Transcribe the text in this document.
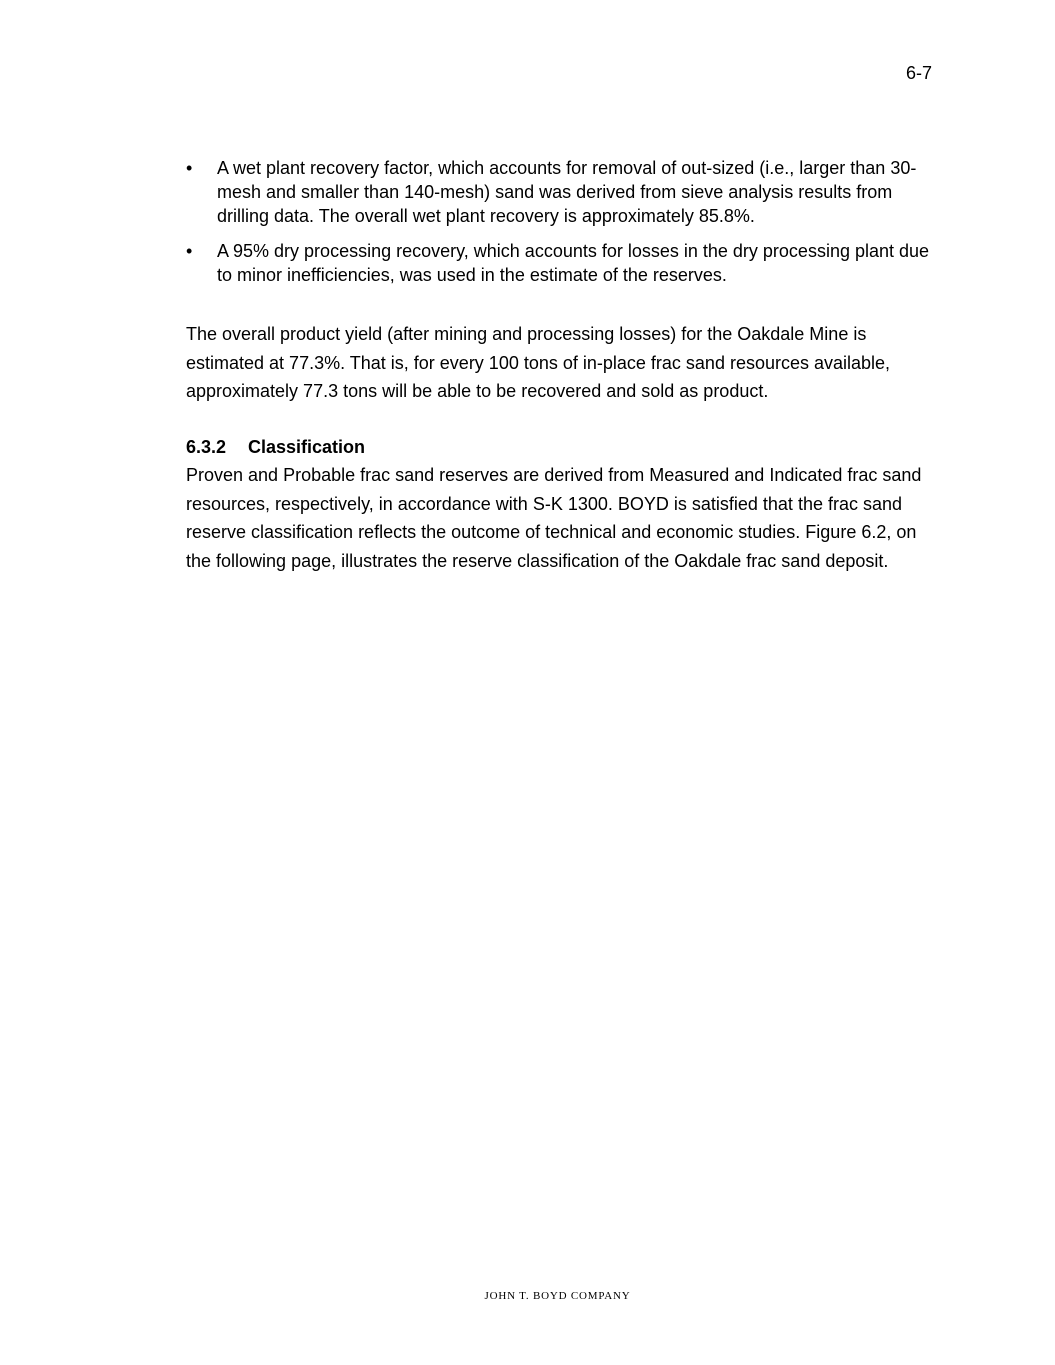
6-7
•	A wet plant recovery factor, which accounts for removal of out-sized (i.e., larger than 30-mesh and smaller than 140-mesh) sand was derived from sieve analysis results from drilling data. The overall wet plant recovery is approximately 85.8%.
•	A 95% dry processing recovery, which accounts for losses in the dry processing plant due to minor inefficiencies, was used in the estimate of the reserves.

The overall product yield (after mining and processing losses) for the Oakdale Mine is estimated at 77.3%. That is, for every 100 tons of in-place frac sand resources available, approximately 77.3 tons will be able to be recovered and sold as product.

6.3.2 Classification

Proven and Probable frac sand reserves are derived from Measured and Indicated frac sand resources, respectively, in accordance with S-K 1300. BOYD is satisfied that the frac sand reserve classification reflects the outcome of technical and economic studies. Figure 6.2, on the following page, illustrates the reserve classification of the Oakdale frac sand deposit.

JOHN T. BOYD COMPANY
